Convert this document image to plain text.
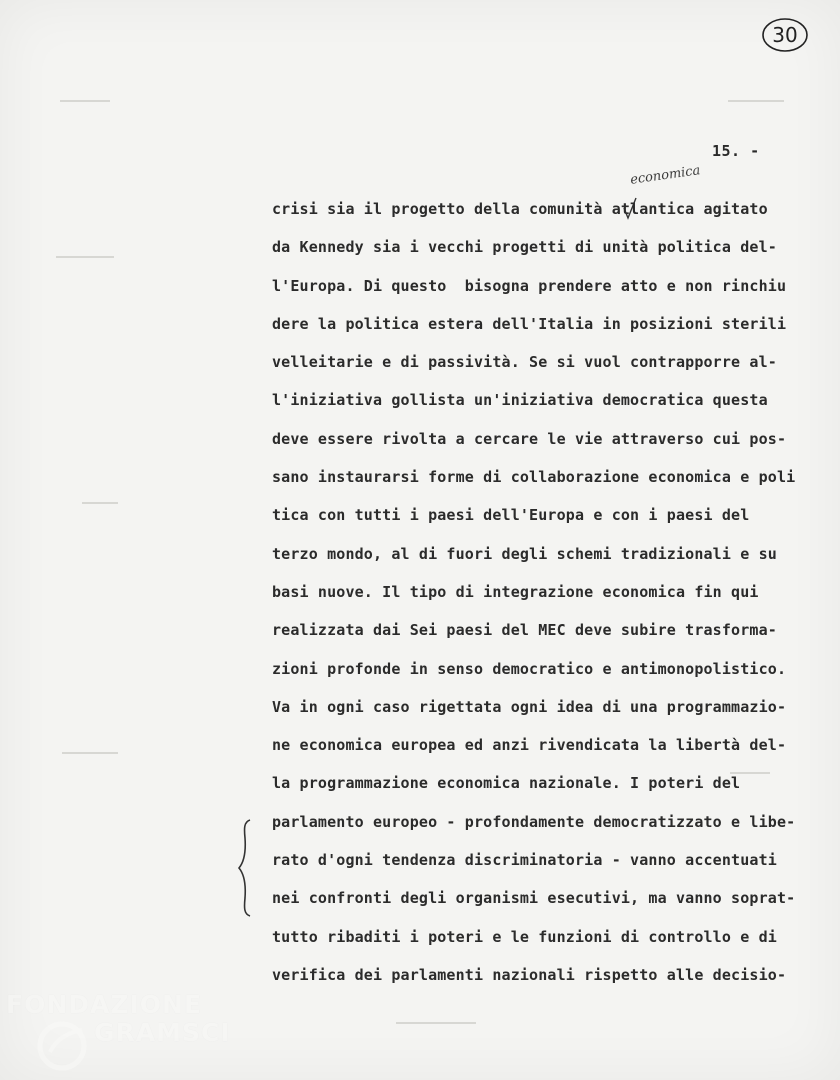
30
15. -
economica
crisi sia il progetto della comunità atlantica agitato
da Kennedy sia i vecchi progetti di unità politica del-
l'Europa. Di questo  bisogna prendere atto e non rinchiu
dere la politica estera dell'Italia in posizioni sterili
velleitarie e di passività. Se si vuol contrapporre al-
l'iniziativa gollista un'iniziativa democratica questa
deve essere rivolta a cercare le vie attraverso cui pos-
sano instaurarsi forme di collaborazione economica e poli
tica con tutti i paesi dell'Europa e con i paesi del
terzo mondo, al di fuori degli schemi tradizionali e su
basi nuove. Il tipo di integrazione economica fin qui
realizzata dai Sei paesi del MEC deve subire trasforma-
zioni profonde in senso democratico e antimonopolistico.
Va in ogni caso rigettata ogni idea di una programmazio-
ne economica europea ed anzi rivendicata la libertà del-
la programmazione economica nazionale. I poteri del
parlamento europeo - profondamente democratizzato e libe-
rato d'ogni tendenza discriminatoria - vanno accentuati
nei confronti degli organismi esecutivi, ma vanno soprat-
tutto ribaditi i poteri e le funzioni di controllo e di
verifica dei parlamenti nazionali rispetto alle decisio-
FONDAZIONE
GRAMSCI
